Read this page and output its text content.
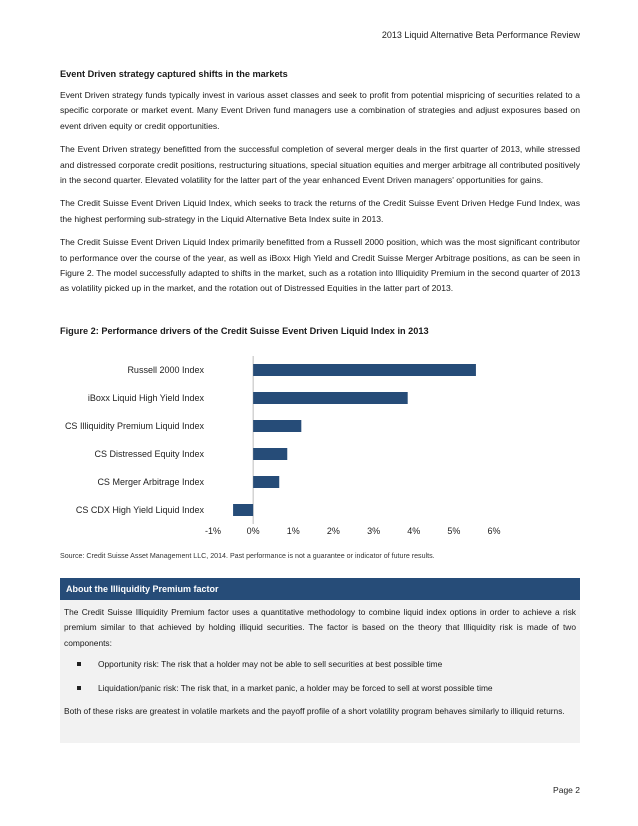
2013 Liquid Alternative Beta Performance Review
Event Driven strategy captured shifts in the markets

Event Driven strategy funds typically invest in various asset classes and seek to profit from potential mispricing of securities related to a specific corporate or market event. Many Event Driven fund managers use a combination of strategies and adjust exposures based on event driven equity or credit opportunities.

The Event Driven strategy benefitted from the successful completion of several merger deals in the first quarter of 2013, while stressed and distressed corporate credit positions, restructuring situations, special situation equities and merger arbitrage all contributed positively in the second quarter. Elevated volatility for the latter part of the year enhanced Event Driven managers' opportunities for gains.

The Credit Suisse Event Driven Liquid Index, which seeks to track the returns of the Credit Suisse Event Driven Hedge Fund Index, was the highest performing sub-strategy in the Liquid Alternative Beta Index suite in 2013.

The Credit Suisse Event Driven Liquid Index primarily benefitted from a Russell 2000 position, which was the most significant contributor to performance over the course of the year, as well as iBoxx High Yield and Credit Suisse Merger Arbitrage positions, as can be seen in Figure 2. The model successfully adapted to shifts in the market, such as a rotation into Illiquidity Premium in the second quarter of 2013 as volatility picked up in the market, and the rotation out of Distressed Equities in the latter part of 2013.

Figure 2: Performance drivers of the Credit Suisse Event Driven Liquid Index in 2013
Russell 2000 Index
iBoxx Liquid High Yield Index
CS Illiquidity Premium Liquid Index
CS Distressed Equity Index
CS Merger Arbitrage Index
CS CDX High Yield Liquid Index
-1%	0%	1%	2%	3%	4%	5%	6%
Source: Credit Suisse Asset Management LLC, 2014. Past performance is not a guarantee or indicator of future results.
About the Illiquidity Premium factor

The Credit Suisse Illiquidity Premium factor uses a quantitative methodology to combine liquid index options in order to achieve a risk premium similar to that achieved by holding illiquid securities. The factor is based on the theory that Illiquidity risk is made of two components:

Opportunity risk: The risk that a holder may not be able to sell securities at best possible time
Liquidation/panic risk: The risk that, in a market panic, a holder may be forced to sell at worst possible time

Both of these risks are greatest in volatile markets and the payoff profile of a short volatility program behaves similarly to illiquid returns.

Page 2
